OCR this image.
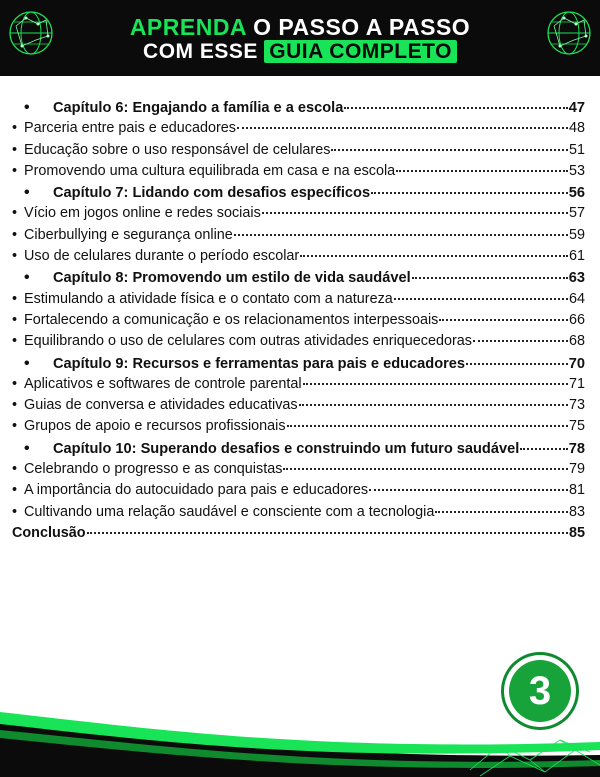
APRENDA O PASSO A PASSO
COM ESSE GUIA COMPLETO
•	Capítulo 6: Engajando a família e a escola	47
• Parceria entre pais e educadores	48
• Educação sobre o uso responsável de celulares	51
• Promovendo uma cultura equilibrada em casa e na escola	53
•	Capítulo 7: Lidando com desafios específicos	56
• Vício em jogos online e redes sociais	57
• Ciberbullying e segurança online	59
• Uso de celulares durante o período escolar	61
•	Capítulo 8: Promovendo um estilo de vida saudável	63
• Estimulando a atividade física e o contato com a natureza	64
• Fortalecendo a comunicação e os relacionamentos interpessoais	66
• Equilibrando o uso de celulares com outras atividades enriquecedoras	68
•	Capítulo 9: Recursos e ferramentas para pais e educadores	70
• Aplicativos e softwares de controle parental	71
• Guias de conversa e atividades educativas	73
• Grupos de apoio e recursos profissionais	75
•	Capítulo 10: Superando desafios e construindo um futuro saudável	78
• Celebrando o progresso e as conquistas	79
• A importância do autocuidado para pais e educadores	81
• Cultivando uma relação saudável e consciente com a tecnologia	83
Conclusão	85
3
